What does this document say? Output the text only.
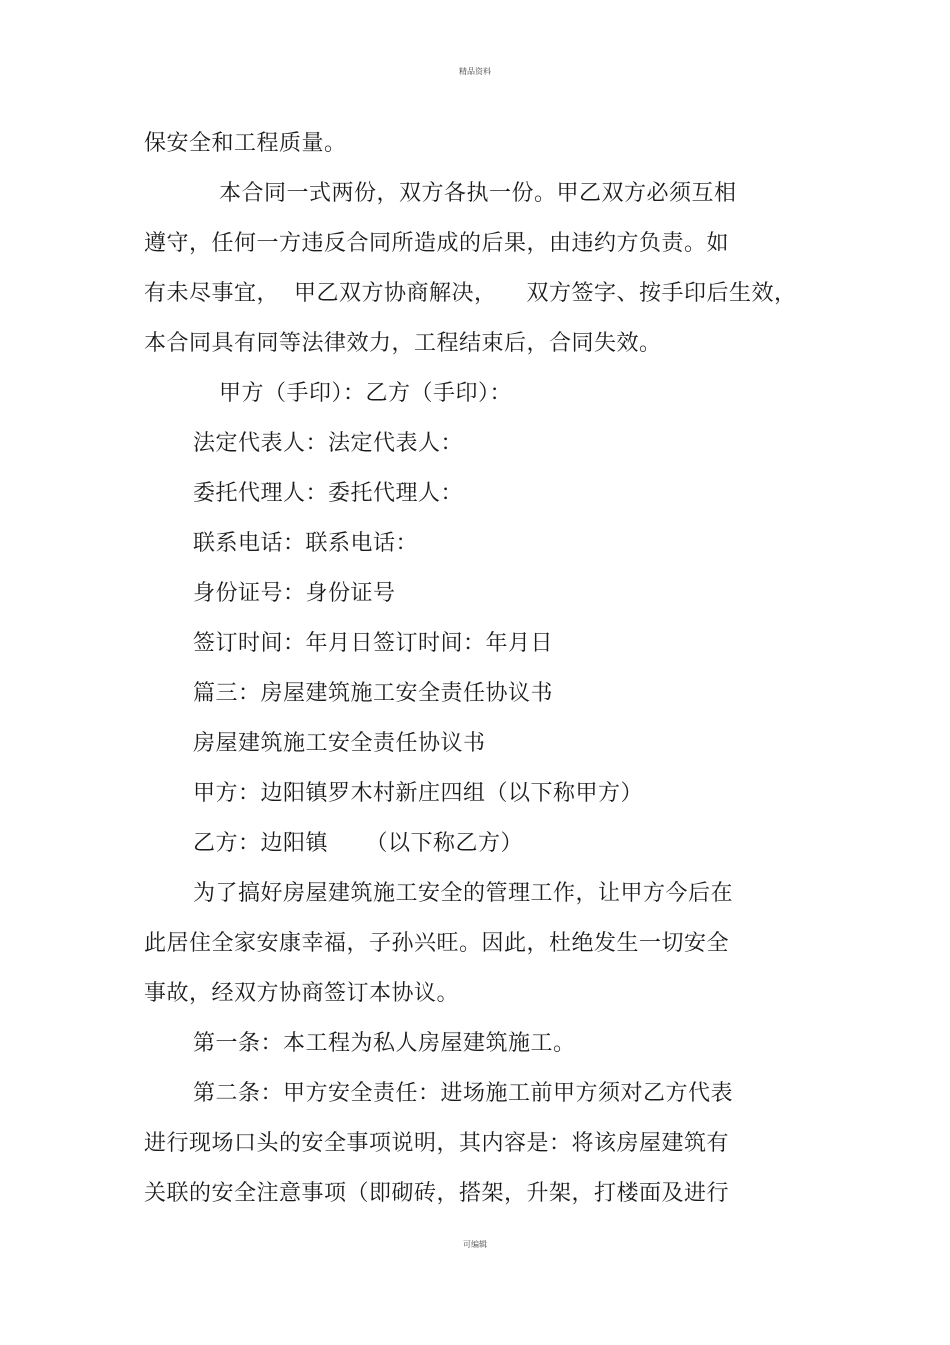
精品资料
保安全和工程质量。
本合同一式两份，双方各执一份。甲乙双方必须互相
遵守，任何一方违反合同所造成的后果，由违约方负责。如
有未尽事宜，  甲乙双方协商解决，    双方签字、按手印后生效，
本合同具有同等法律效力，工程结束后，合同失效。
甲方（手印）：乙方（手印）：
法定代表人：法定代表人：
委托代理人：委托代理人：
联系电话：联系电话：
身份证号：身份证号
签订时间：年月日签订时间：年月日
篇三：房屋建筑施工安全责任协议书
房屋建筑施工安全责任协议书
甲方：边阳镇罗木村新庄四组（以下称甲方）
乙方：边阳镇     （以下称乙方）
为了搞好房屋建筑施工安全的管理工作，让甲方今后在
此居住全家安康幸福，子孙兴旺。因此，杜绝发生一切安全
事故，经双方协商签订本协议。
第一条：本工程为私人房屋建筑施工。
第二条：甲方安全责任：进场施工前甲方须对乙方代表
进行现场口头的安全事项说明，其内容是：将该房屋建筑有
关联的安全注意事项（即砌砖，搭架，升架，打楼面及进行
可编辑
